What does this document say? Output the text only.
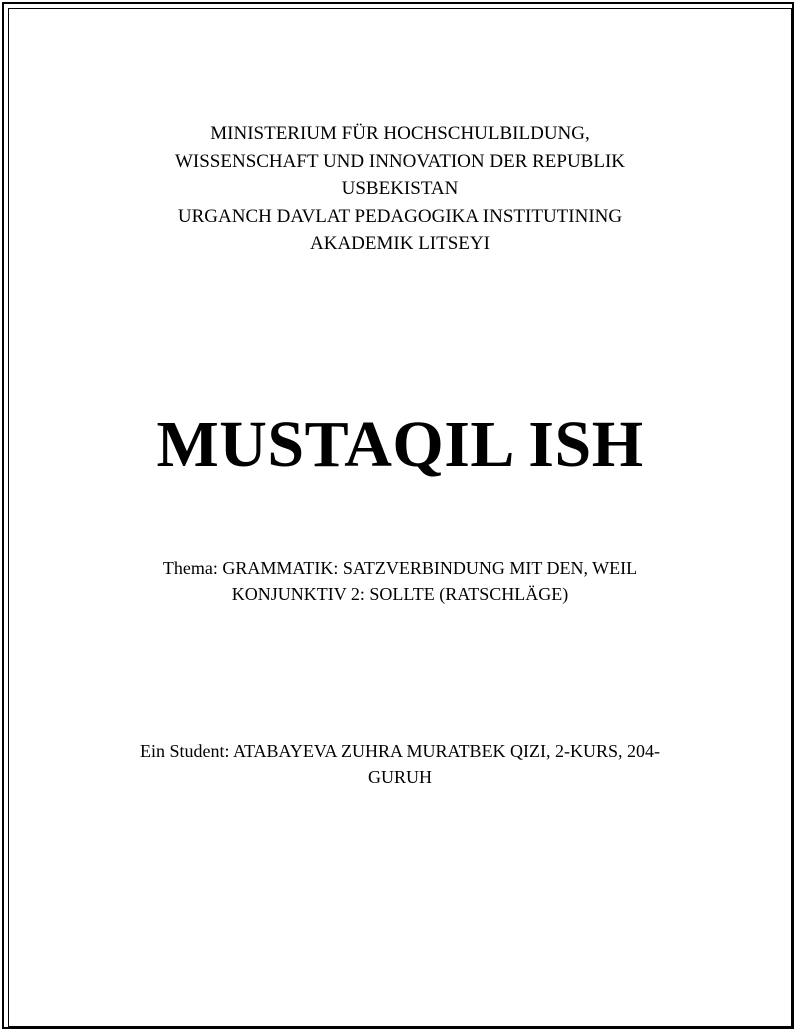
MINISTERIUM FÜR HOCHSCHULBILDUNG,
WISSENSCHAFT UND INNOVATION DER REPUBLIK
USBEKISTAN
URGANCH DAVLAT PEDAGOGIKA INSTITUTINING
AKADEMIK LITSEYI
MUSTAQIL ISH
Thema: GRAMMATIK: SATZVERBINDUNG MIT DEN, WEIL
KONJUNKTIV 2: SOLLTE (RATSCHLÄGE)
Ein Student: ATABAYEVA ZUHRA MURATBEK QIZI, 2-KURS, 204-
GURUH
